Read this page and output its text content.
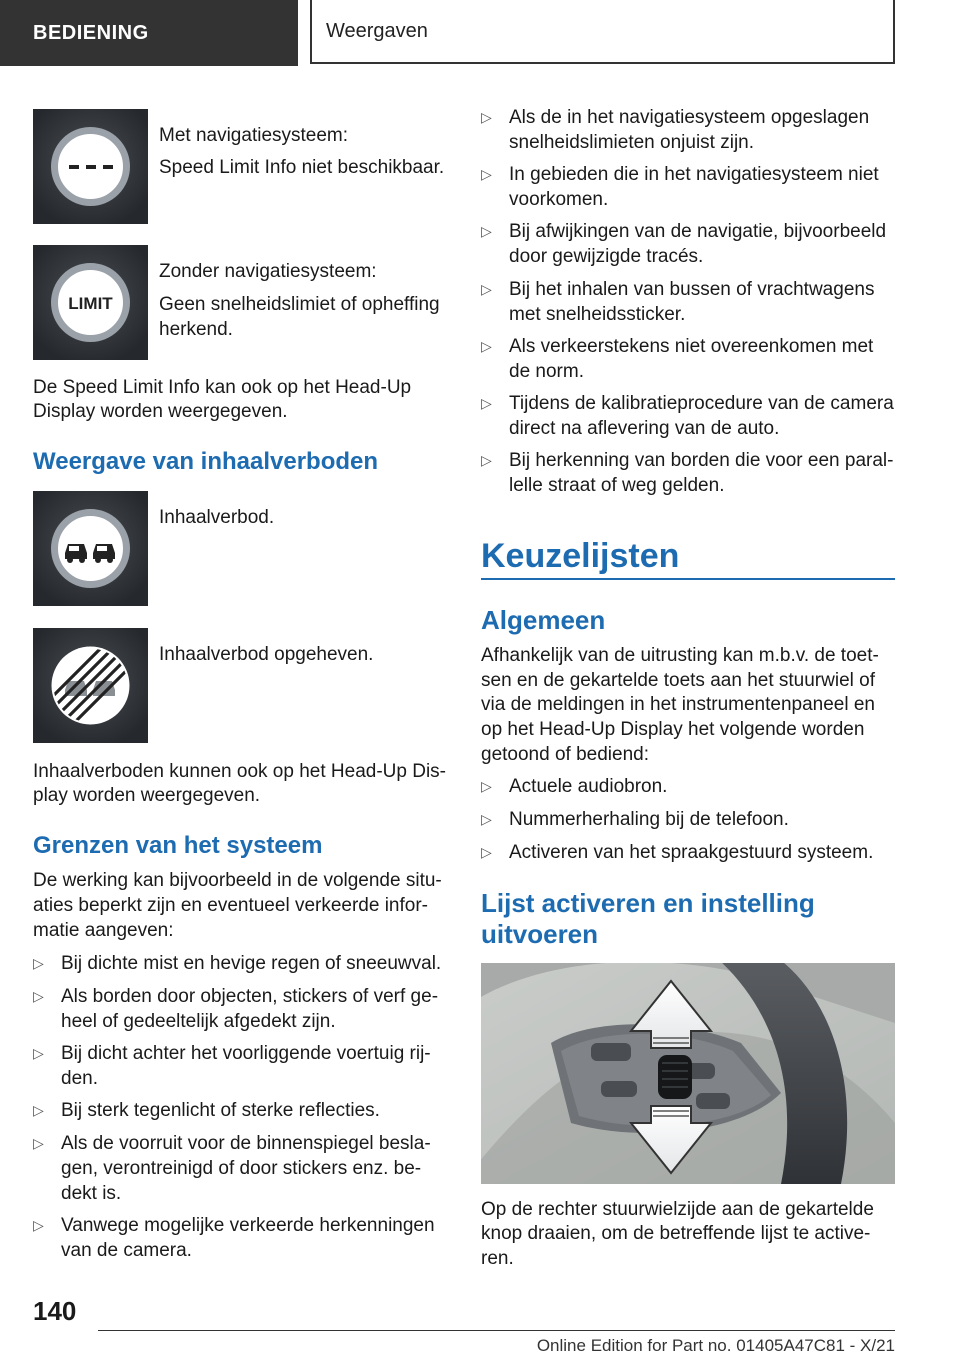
BEDIENING	Weergaven

Met navigatiesysteem:

Speed Limit Info niet beschikbaar.

LIMIT

Zonder navigatiesysteem:

Geen snelheidslimiet of opheffing

herkend.

De Speed Limit Info kan ook op het Head-Up

Display worden weergegeven.

Weergave van inhaalverboden

Inhaalverbod.

Inhaalverbod opgeheven.

Inhaalverboden kunnen ook op het Head-Up Dis-

play worden weergegeven.

Grenzen van het systeem

De werking kan bijvoorbeeld in de volgende situ-

aties beperkt zijn en eventueel verkeerde infor-

matie aangeven:

▷ Bij dichte mist en hevige regen of sneeuwval.
▷ Als borden door objecten, stickers of verf ge-
heel of gedeeltelijk afgedekt zijn.
▷ Bij dicht achter het voorliggende voertuig rij-
den.
▷ Bij sterk tegenlicht of sterke reflecties.
▷ Als de voorruit voor de binnenspiegel besla-
gen, verontreinigd of door stickers enz. be-
dekt is.
▷ Vanwege mogelijke verkeerde herkenningen
van de camera.
▷ Als de in het navigatiesysteem opgeslagen
snelheidslimieten onjuist zijn.
▷ In gebieden die in het navigatiesysteem niet
voorkomen.
▷ Bij afwijkingen van de navigatie, bijvoorbeeld
door gewijzigde tracés.
▷ Bij het inhalen van bussen of vrachtwagens
met snelheidssticker.
▷ Als verkeerstekens niet overeenkomen met
de norm.
▷ Tijdens de kalibratieprocedure van de camera
direct na aflevering van de auto.
▷ Bij herkenning van borden die voor een paral-
lelle straat of weg gelden.
Keuzelijsten
Algemeen

Afhankelijk van de uitrusting kan m.b.v. de toet-

sen en de gekartelde toets aan het stuurwiel of

via de meldingen in het instrumentenpaneel en

op het Head-Up Display het volgende worden

getoond of bediend:

▷ Actuele audiobron.
▷ Nummerherhaling bij de telefoon.
▷ Activeren van het spraakgestuurd systeem.
Lijst activeren en instelling
uitvoeren

Op de rechter stuurwielzijde aan de gekartelde

knop draaien, om de betreffende lijst te active-

ren.

140
Online Edition for Part no. 01405A47C81 - X/21
